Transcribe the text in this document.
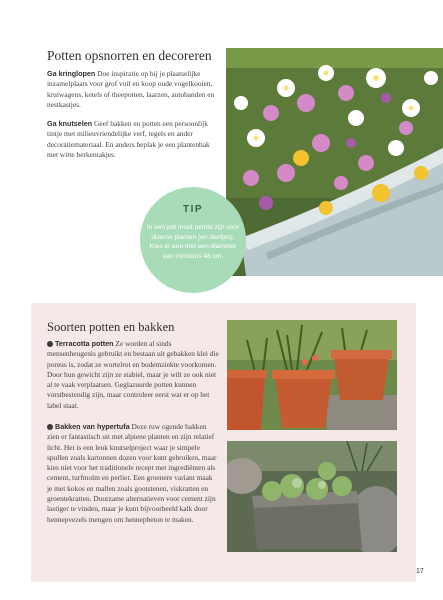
Potten opsnorren en decoreren

Ga kringlopen Doe inspiratie op bij je plaatselijke inzamelplaats voor grof vuil en koop oude vogelkooien, kruiwagens, ketels of theepotten, laarzen, autobanden en nestkastjes.

Ga knutselen Geef bakken en potten een persoonlijk tintje met milieuvriendelijke verf, tegels en ander decoratiemateriaal. En anders beplak je een plantenbak met witte berkentakjes.

TIP

In een pot moet ruimte zijn voor diverse planten (en diertjes). Kies er een met een diameter van minstens 48 cm.

Soorten potten en bakken

Terracotta potten Ze worden al sinds mensenheugenis gebruikt en bestaan uit gebakken klei die poreus is, zodat ze wortelrot en bodemziekte voorkomen. Door hun gewicht zijn ze stabiel, maar je wilt ze ook niet al te vaak verplaatsen. Geglazuurde potten kunnen vorstbestendig zijn, maar controleer eerst wat er op het label staat.

Bakken van hypertufa Deze ruw ogende bakken zien er fantastisch uit met alpiene planten en zijn relatief licht. Het is een leuk knutselproject waar je simpele spullen zoals kartonnen dozen voor kunt gebruiken, maar kies niet voor het traditionele recept met ingrediënten als cement, turfmolm en perliet. Een groenere variant maak je met kokos en mallen zoals gootstenen, viskratten en groentekratten. Duurzame alternatieven voor cement zijn lastiger te vinden, maar je kunt bijvoorbeeld kalk door hennepvezels mengen om hennepbeton te maken.

17
